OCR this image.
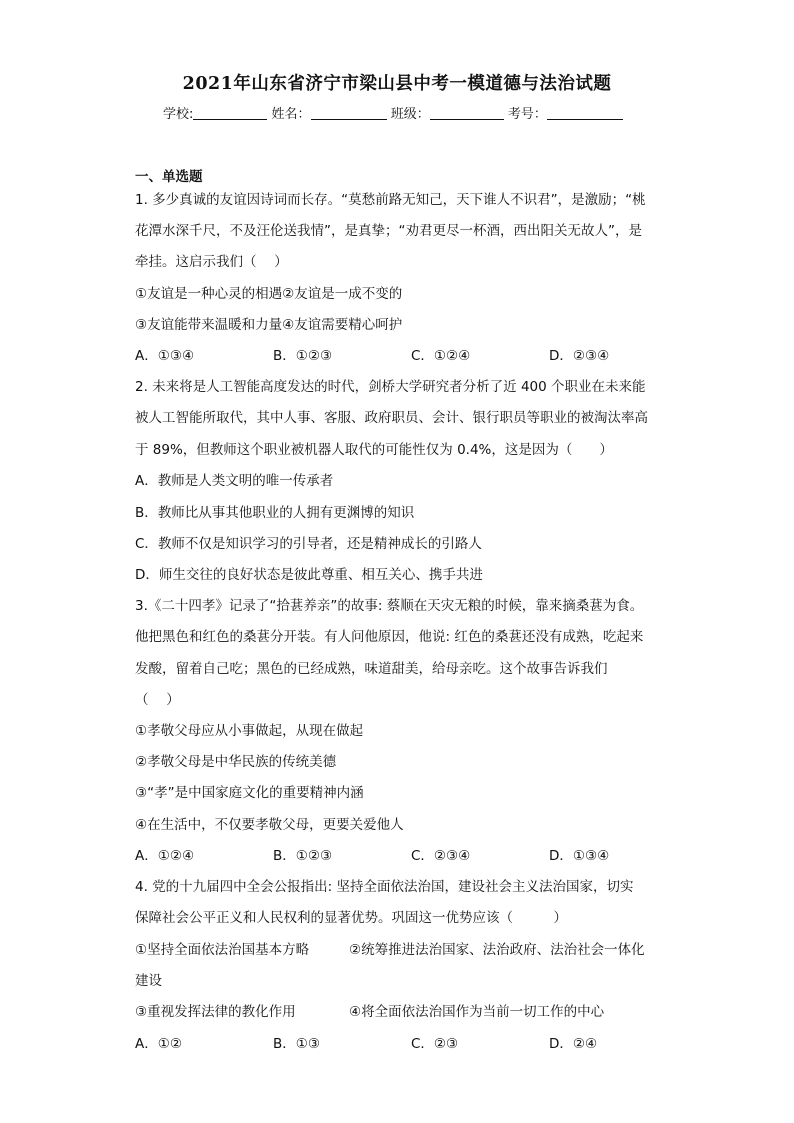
2021年山东省济宁市梁山县中考一模道德与法治试题
学校:	姓名：	班级：	考号：
一、单选题
1. 多少真诚的友谊因诗词而长存。“莫愁前路无知己，天下谁人不识君”，是激励；“桃
花潭水深千尺，不及汪伦送我情”，是真挚；“劝君更尽一杯酒，西出阳关无故人”，是
牵挂。这启示我们（　 ）
①友谊是一种心灵的相遇②友谊是一成不变的
③友谊能带来温暖和力量④友谊需要精心呵护
A．①③④	B．①②③	C．①②④	D．②③④
2. 未来将是人工智能高度发达的时代，剑桥大学研究者分析了近 400 个职业在未来能
被人工智能所取代，其中人事、客服、政府职员、会计、银行职员等职业的被淘汰率高
于 89%，但教师这个职业被机器人取代的可能性仅为 0.4%，这是因为（　　）
A．教师是人类文明的唯一传承者
B．教师比从事其他职业的人拥有更渊博的知识
C．教师不仅是知识学习的引导者，还是精神成长的引路人
D．师生交往的良好状态是彼此尊重、相互关心、携手共进
3.《二十四孝》记录了“拾葚养亲”的故事: 蔡顺在天灾无粮的时候，靠来摘桑葚为食。
他把黑色和红色的桑葚分开装。有人问他原因，他说: 红色的桑葚还没有成熟，吃起来
发酸，留着自己吃；黑色的已经成熟，味道甜美，给母亲吃。这个故事告诉我们
（　 ）
①孝敬父母应从小事做起，从现在做起
②孝敬父母是中华民族的传统美德
③“孝”是中国家庭文化的重要精神内涵
④在生活中，不仅要孝敬父母，更要关爱他人
A．①②④	B．①②③	C．②③④	D．①③④
4. 党的十九届四中全会公报指出: 坚持全面依法治国，建设社会主义法治国家，切实
保障社会公平正义和人民权利的显著优势。巩固这一优势应该（　　　）
①坚持全面依法治国基本方略	②统筹推进法治国家、法治政府、法治社会一体化
建设
③重视发挥法律的教化作用	④将全面依法治国作为当前一切工作的中心
A．①②	B．①③	C．②③	D．②④
